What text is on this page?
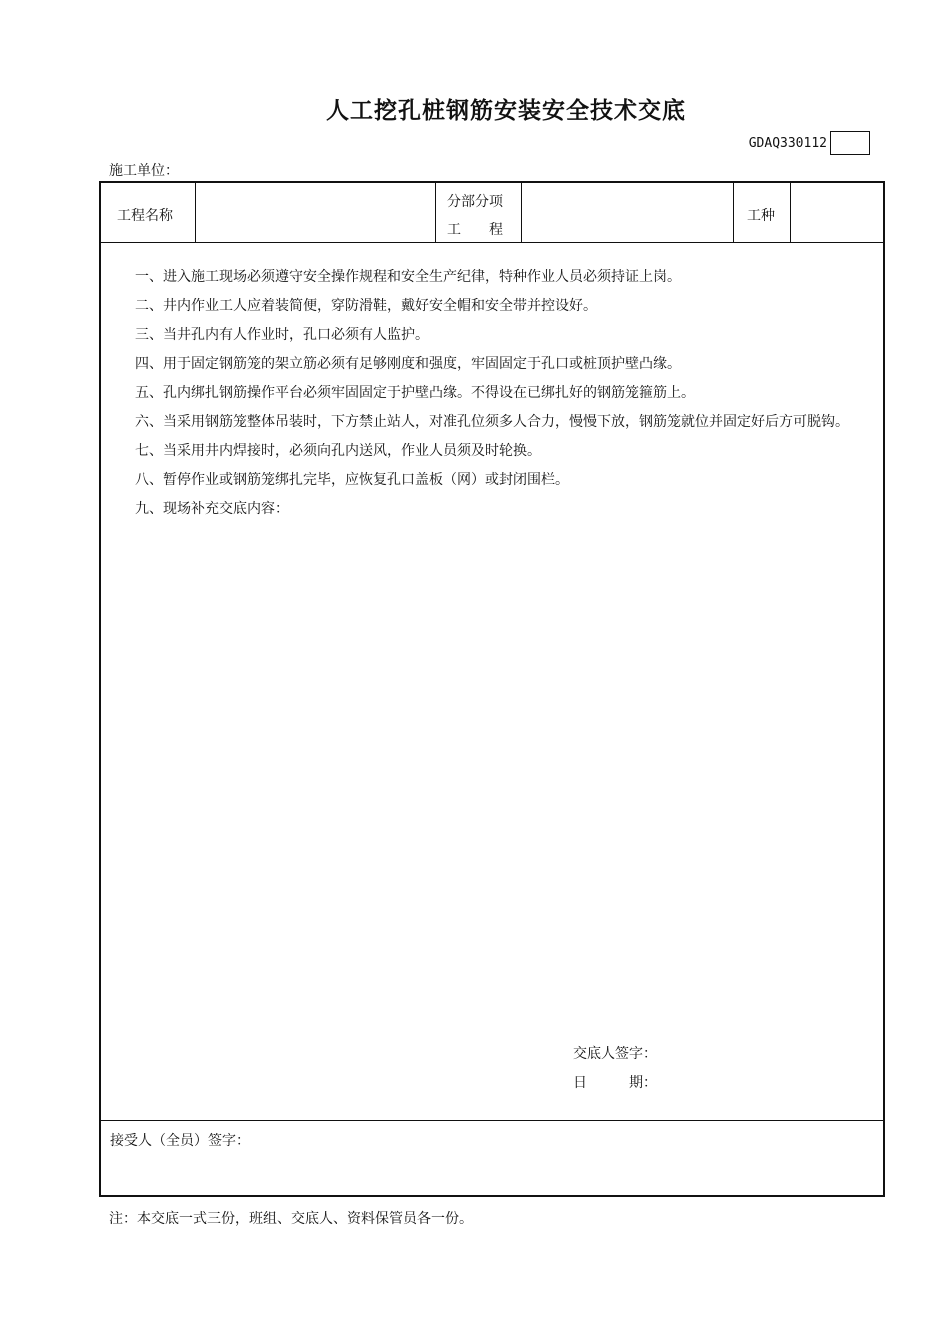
人工挖孔桩钢筋安装安全技术交底
GDAQ330112
施工单位：
工程名称
分部分项
工　　程
工种

一、进入施工现场必须遵守安全操作规程和安全生产纪律，特种作业人员必须持证上岗。

二、井内作业工人应着装简便，穿防滑鞋，戴好安全帽和安全带并控设好。

三、当井孔内有人作业时，孔口必须有人监护。

四、用于固定钢筋笼的架立筋必须有足够刚度和强度，牢固固定于孔口或桩顶护壁凸缘。

五、孔内绑扎钢筋操作平台必须牢固固定于护壁凸缘。不得设在已绑扎好的钢筋笼箍筋上。

六、当采用钢筋笼整体吊装时，下方禁止站人，对准孔位须多人合力，慢慢下放，钢筋笼就位并固定好后方可脱钩。

七、当采用井内焊接时，必须向孔内送风，作业人员须及时轮换。

八、暂停作业或钢筋笼绑扎完毕，应恢复孔口盖板（网）或封闭围栏。

九、现场补充交底内容：

交底人签字：
日　　　期：
接受人（全员）签字：
注：本交底一式三份，班组、交底人、资料保管员各一份。
